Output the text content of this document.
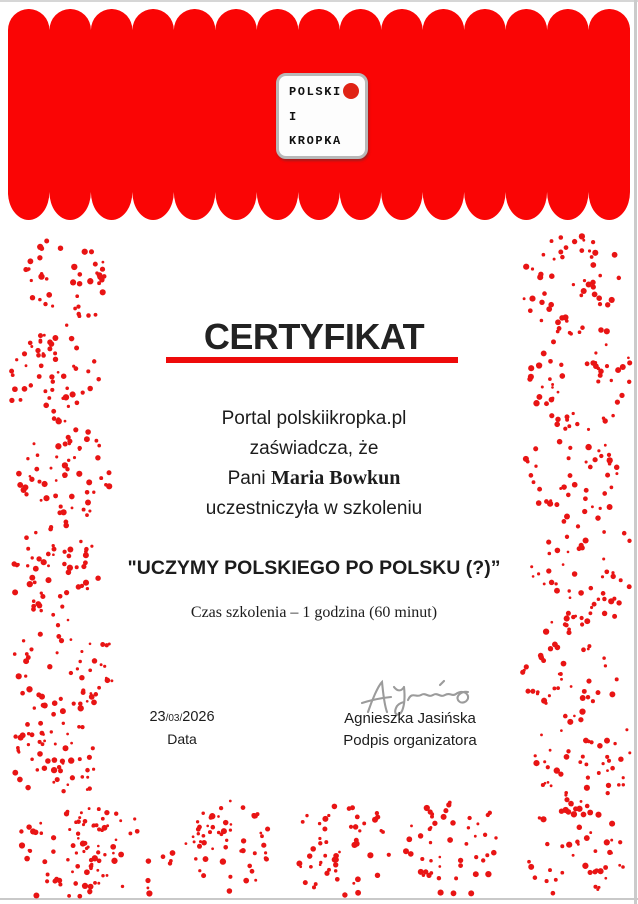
POLSKI
I
KROPKA
CERTYFIKAT

Portal polskiikropka.pl

zaświadcza, że

Pani Maria Bowkun

uczestniczyła w szkoleniu

"UCZYMY POLSKIEGO PO POLSKU (?)”
Czas szkolenia – 1 godzina (60 minut)
23/03/2026
Data
Agnieszka Jasińska
Podpis organizatora
